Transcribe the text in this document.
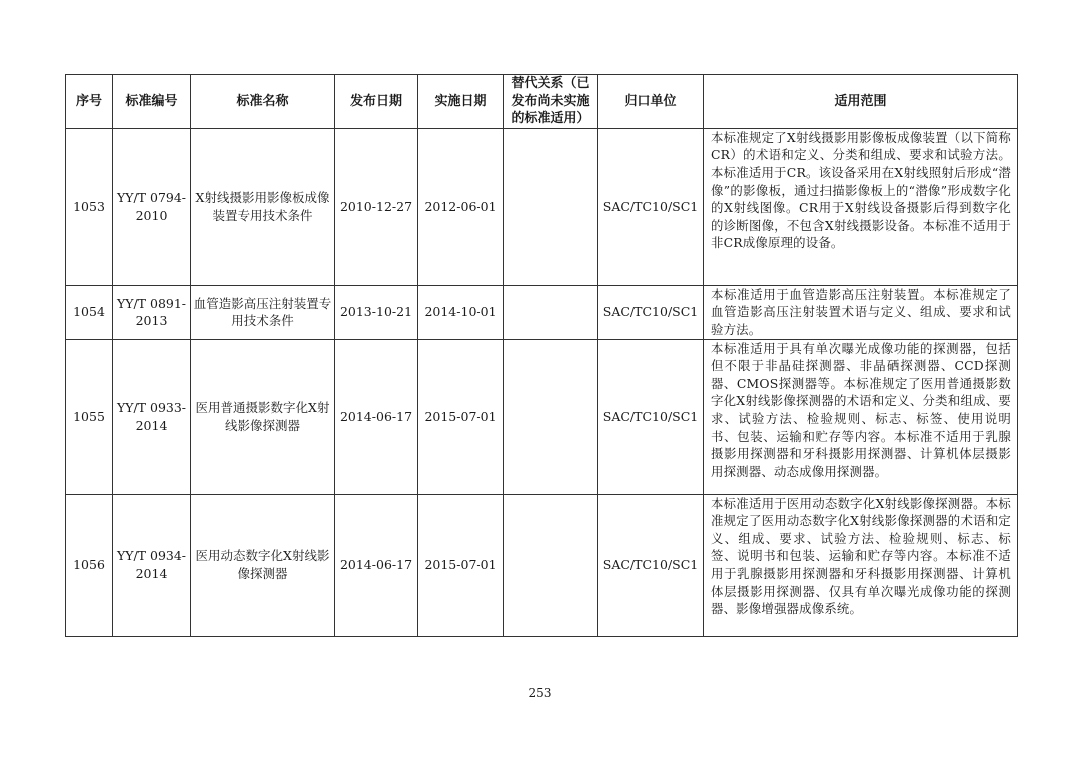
序号	标准编号	标准名称	发布日期	实施日期	替代关系（已发布尚未实施的标准适用）	归口单位	适用范围
1053	YY/T 0794-2010	X射线摄影用影像板成像装置专用技术条件	2010-12-27	2012-06-01		SAC/TC10/SC1	本标准规定了X射线摄影用影像板成像装置（以下简称CR）的术语和定义、分类和组成、要求和试验方法。本标准适用于CR。该设备采用在X射线照射后形成“潜像”的影像板，通过扫描影像板上的“潜像”形成数字化的X射线图像。CR用于X射线设备摄影后得到数字化的诊断图像，不包含X射线摄影设备。本标准不适用于非CR成像原理的设备。
1054	YY/T 0891-2013	血管造影高压注射装置专用技术条件	2013-10-21	2014-10-01		SAC/TC10/SC1	本标准适用于血管造影高压注射装置。本标准规定了血管造影高压注射装置术语与定义、组成、要求和试验方法。
1055	YY/T 0933-2014	医用普通摄影数字化X射线影像探测器	2014-06-17	2015-07-01		SAC/TC10/SC1	本标准适用于具有单次曝光成像功能的探测器，包括但不限于非晶硅探测器、非晶硒探测器、CCD探测器、CMOS探测器等。本标准规定了医用普通摄影数字化X射线影像探测器的术语和定义、分类和组成、要求、试验方法、检验规则、标志、标签、使用说明书、包装、运输和贮存等内容。本标准不适用于乳腺摄影用探测器和牙科摄影用探测器、计算机体层摄影用探测器、动态成像用探测器。
1056	YY/T 0934-2014	医用动态数字化X射线影像探测器	2014-06-17	2015-07-01		SAC/TC10/SC1	本标准适用于医用动态数字化X射线影像探测器。本标准规定了医用动态数字化X射线影像探测器的术语和定义、组成、要求、试验方法、检验规则、标志、标签、说明书和包装、运输和贮存等内容。本标准不适用于乳腺摄影用探测器和牙科摄影用探测器、计算机体层摄影用探测器、仅具有单次曝光成像功能的探测器、影像增强器成像系统。
253
